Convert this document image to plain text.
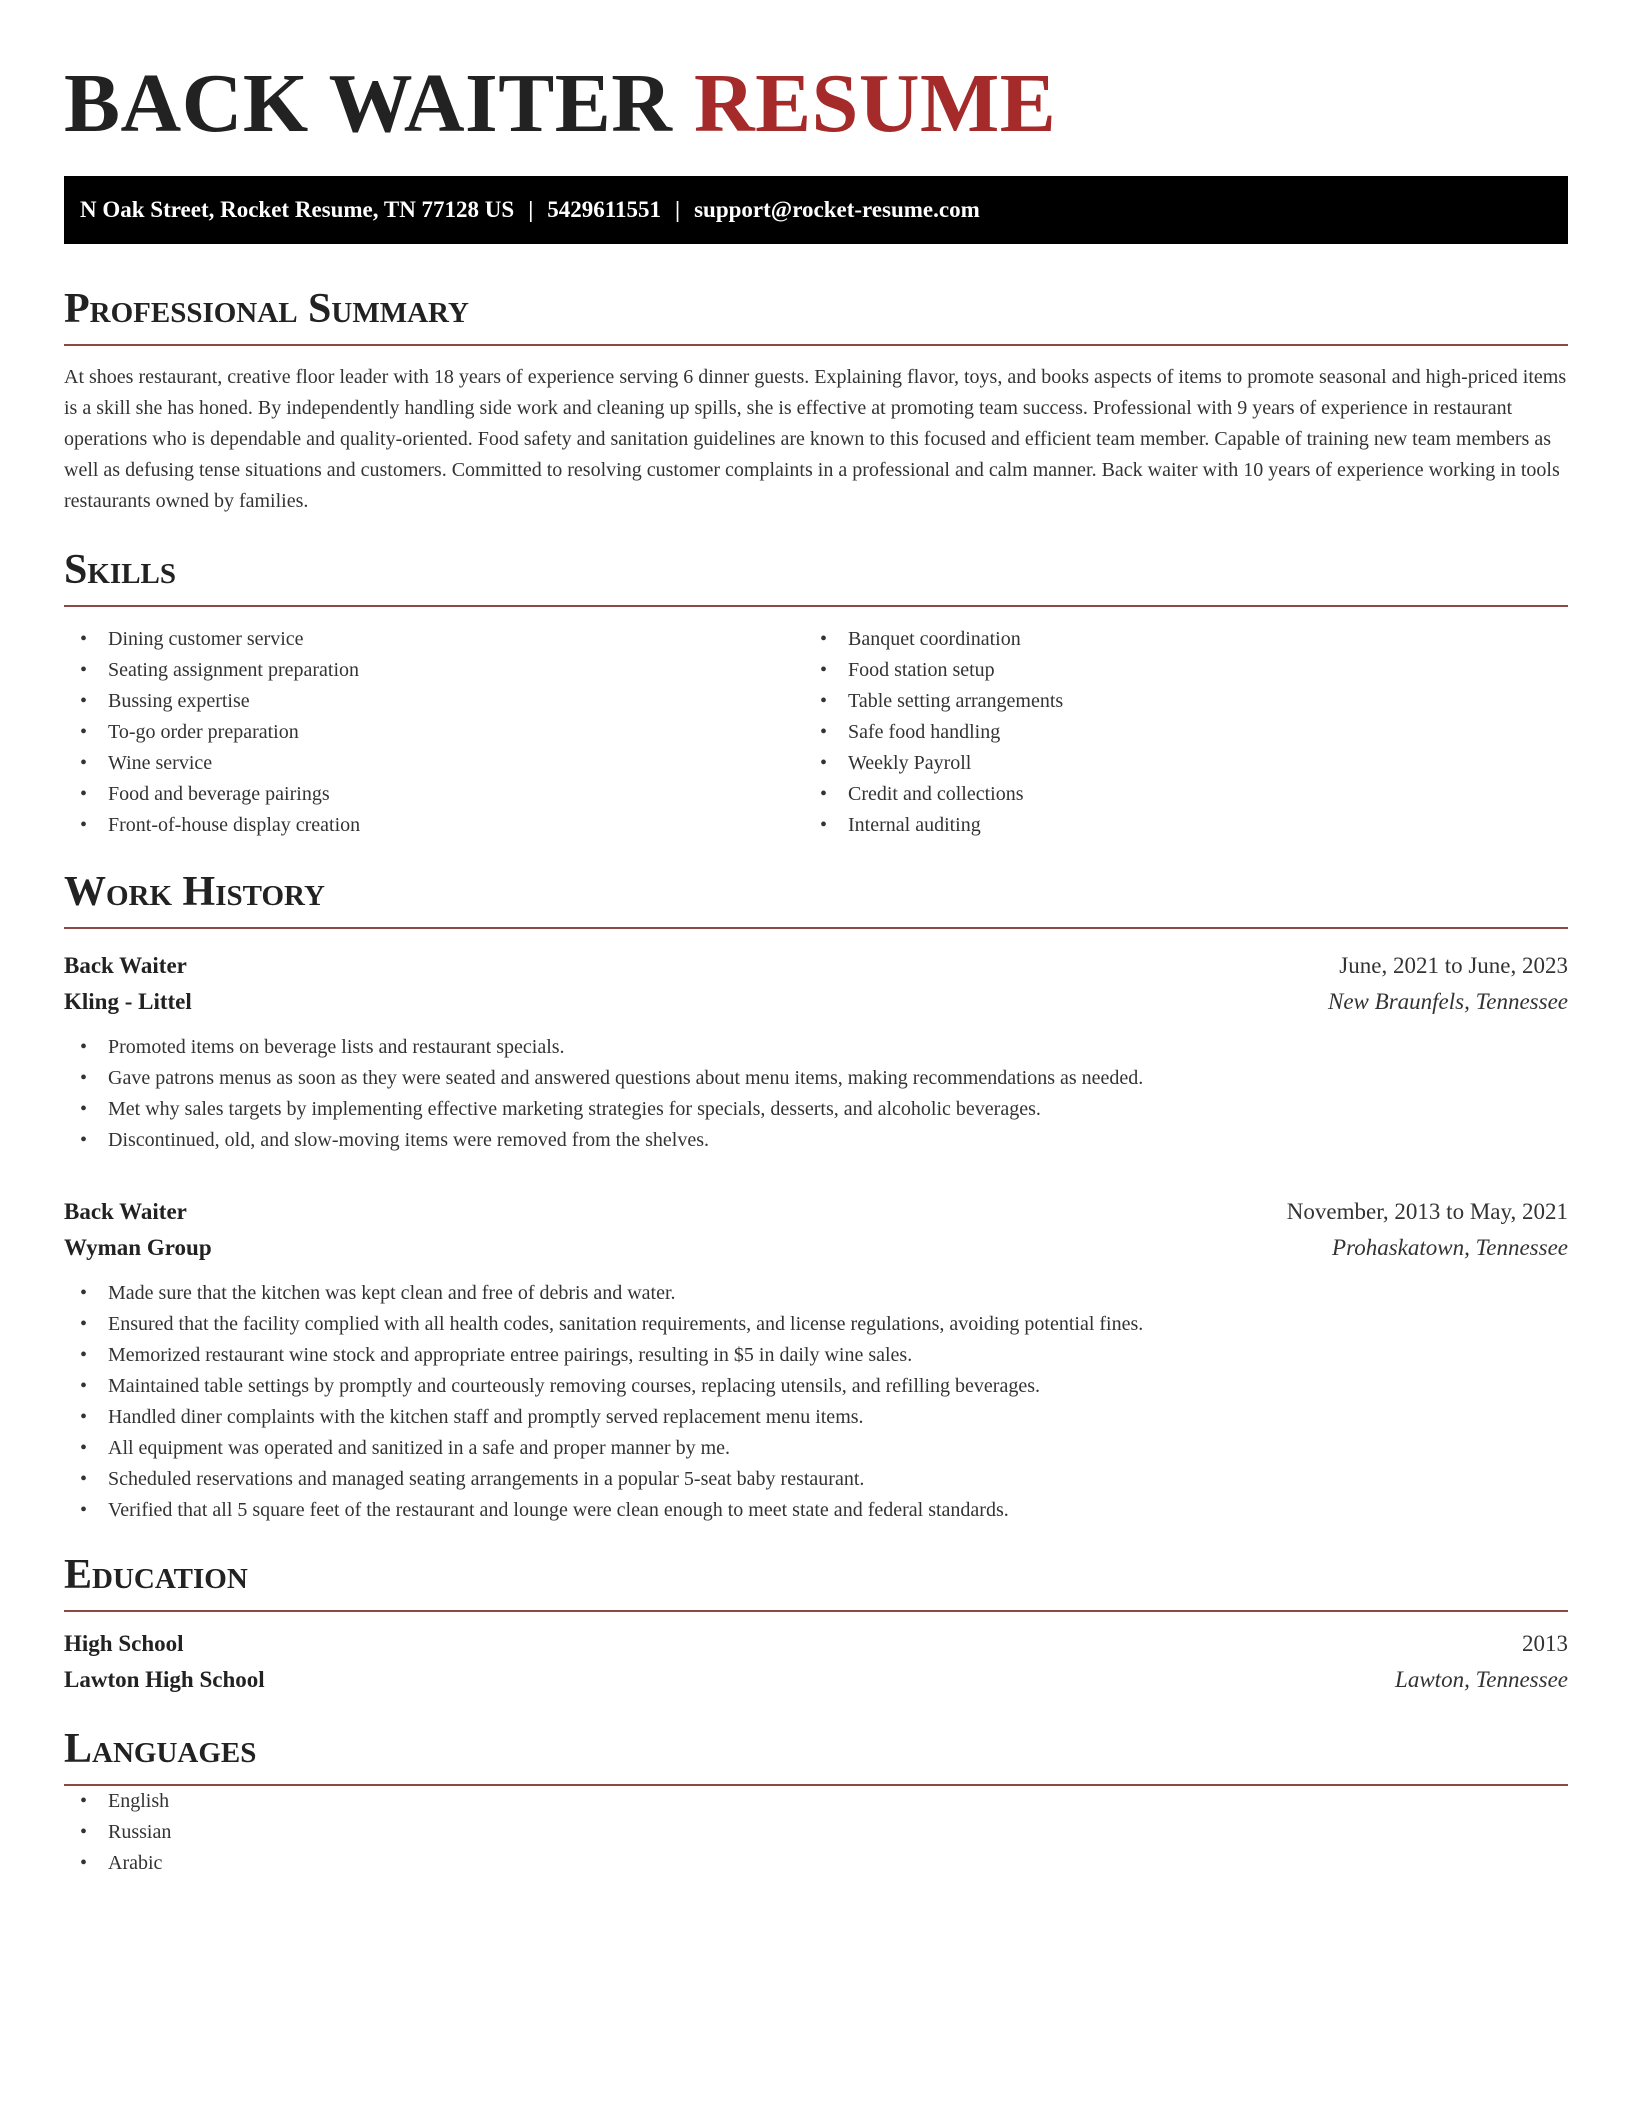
BACK WAITER RESUME
N Oak Street, Rocket Resume, TN 77128 US | 5429611551 | support@rocket-resume.com
Professional Summary

At shoes restaurant, creative floor leader with 18 years of experience serving 6 dinner guests. Explaining flavor, toys, and books aspects of items to promote seasonal and high-priced items is a skill she has honed. By independently handling side work and cleaning up spills, she is effective at promoting team success. Professional with 9 years of experience in restaurant operations who is dependable and quality-oriented. Food safety and sanitation guidelines are known to this focused and efficient team member. Capable of training new team members as well as defusing tense situations and customers. Committed to resolving customer complaints in a professional and calm manner. Back waiter with 10 years of experience working in tools restaurants owned by families.

Skills
• Dining customer service
• Seating assignment preparation
• Bussing expertise
• To-go order preparation
• Wine service
• Food and beverage pairings
• Front-of-house display creation
• Banquet coordination
• Food station setup
• Table setting arrangements
• Safe food handling
• Weekly Payroll
• Credit and collections
• Internal auditing
Work History
Back Waiter	June, 2021 to June, 2023
Kling - Littel	New Braunfels, Tennessee
• Promoted items on beverage lists and restaurant specials.
• Gave patrons menus as soon as they were seated and answered questions about menu items, making recommendations as needed.
• Met why sales targets by implementing effective marketing strategies for specials, desserts, and alcoholic beverages.
• Discontinued, old, and slow-moving items were removed from the shelves.
Back Waiter	November, 2013 to May, 2021
Wyman Group	Prohaskatown, Tennessee
• Made sure that the kitchen was kept clean and free of debris and water.
• Ensured that the facility complied with all health codes, sanitation requirements, and license regulations, avoiding potential fines.
• Memorized restaurant wine stock and appropriate entree pairings, resulting in $5 in daily wine sales.
• Maintained table settings by promptly and courteously removing courses, replacing utensils, and refilling beverages.
• Handled diner complaints with the kitchen staff and promptly served replacement menu items.
• All equipment was operated and sanitized in a safe and proper manner by me.
• Scheduled reservations and managed seating arrangements in a popular 5-seat baby restaurant.
• Verified that all 5 square feet of the restaurant and lounge were clean enough to meet state and federal standards.
Education
High School	2013
Lawton High School	Lawton, Tennessee
Languages
• English
• Russian
• Arabic
